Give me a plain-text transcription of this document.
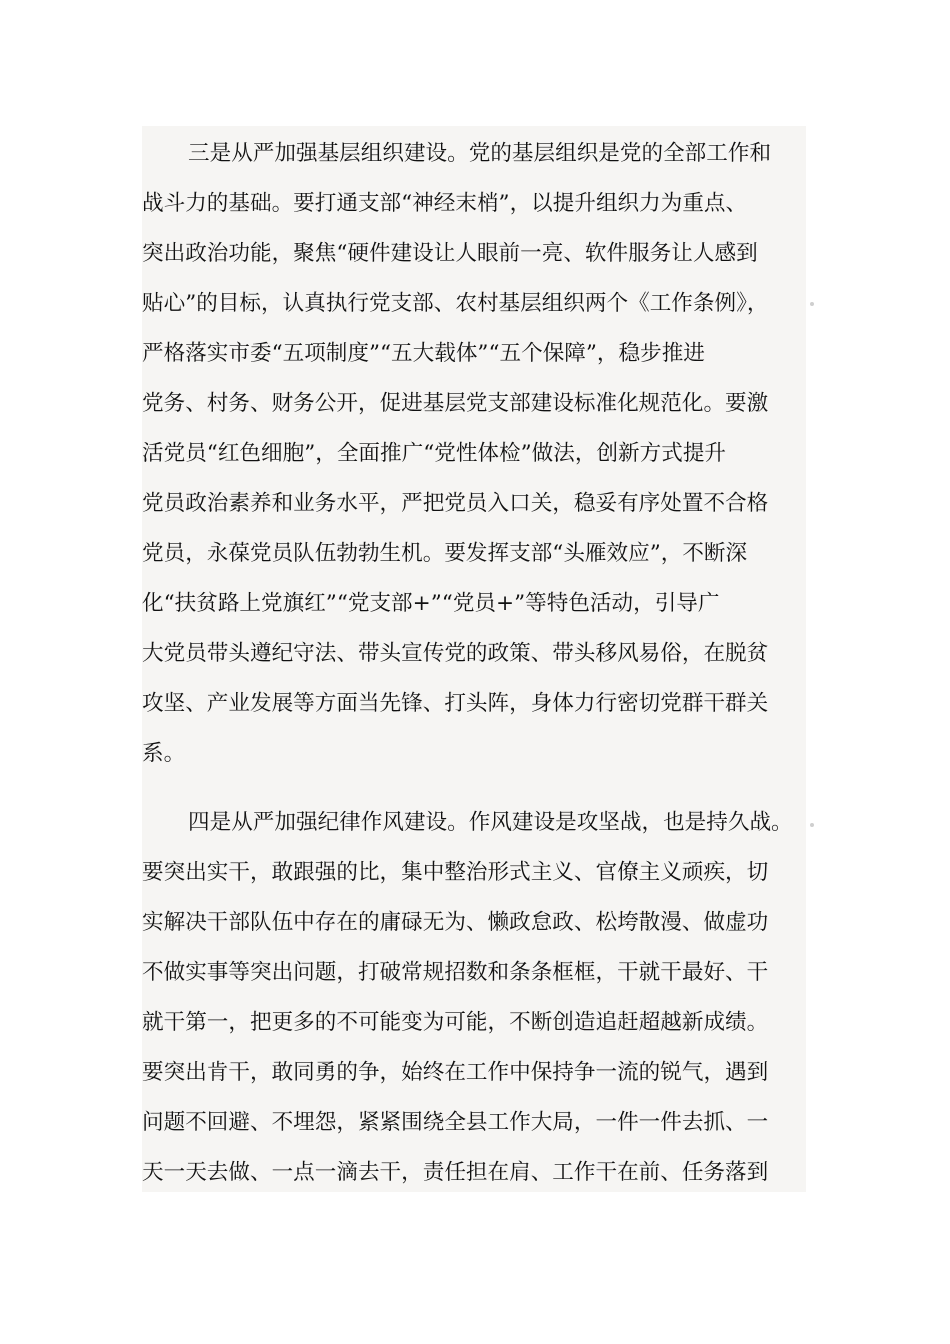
三是从严加强基层组织建设。党的基层组织是党的全部工作和
战斗力的基础。要打通支部“神经末梢”，以提升组织力为重点、
突出政治功能，聚焦“硬件建设让人眼前一亮、软件服务让人感到
贴心”的目标，认真执行党支部、农村基层组织两个《工作条例》，
严格落实市委“五项制度”“五大载体”“五个保障”，稳步推进
党务、村务、财务公开，促进基层党支部建设标准化规范化。要激
活党员“红色细胞”，全面推广“党性体检”做法，创新方式提升
党员政治素养和业务水平，严把党员入口关，稳妥有序处置不合格
党员，永葆党员队伍勃勃生机。要发挥支部“头雁效应”，不断深
化“扶贫路上党旗红”“党支部+”“党员+”等特色活动，引导广
大党员带头遵纪守法、带头宣传党的政策、带头移风易俗，在脱贫
攻坚、产业发展等方面当先锋、打头阵，身体力行密切党群干群关
系。
四是从严加强纪律作风建设。作风建设是攻坚战，也是持久战。
要突出实干，敢跟强的比，集中整治形式主义、官僚主义顽疾，切
实解决干部队伍中存在的庸碌无为、懒政怠政、松垮散漫、做虚功
不做实事等突出问题，打破常规招数和条条框框，干就干最好、干
就干第一，把更多的不可能变为可能，不断创造追赶超越新成绩。
要突出肯干，敢同勇的争，始终在工作中保持争一流的锐气，遇到
问题不回避、不埋怨，紧紧围绕全县工作大局，一件一件去抓、一
天一天去做、一点一滴去干，责任担在肩、工作干在前、任务落到
